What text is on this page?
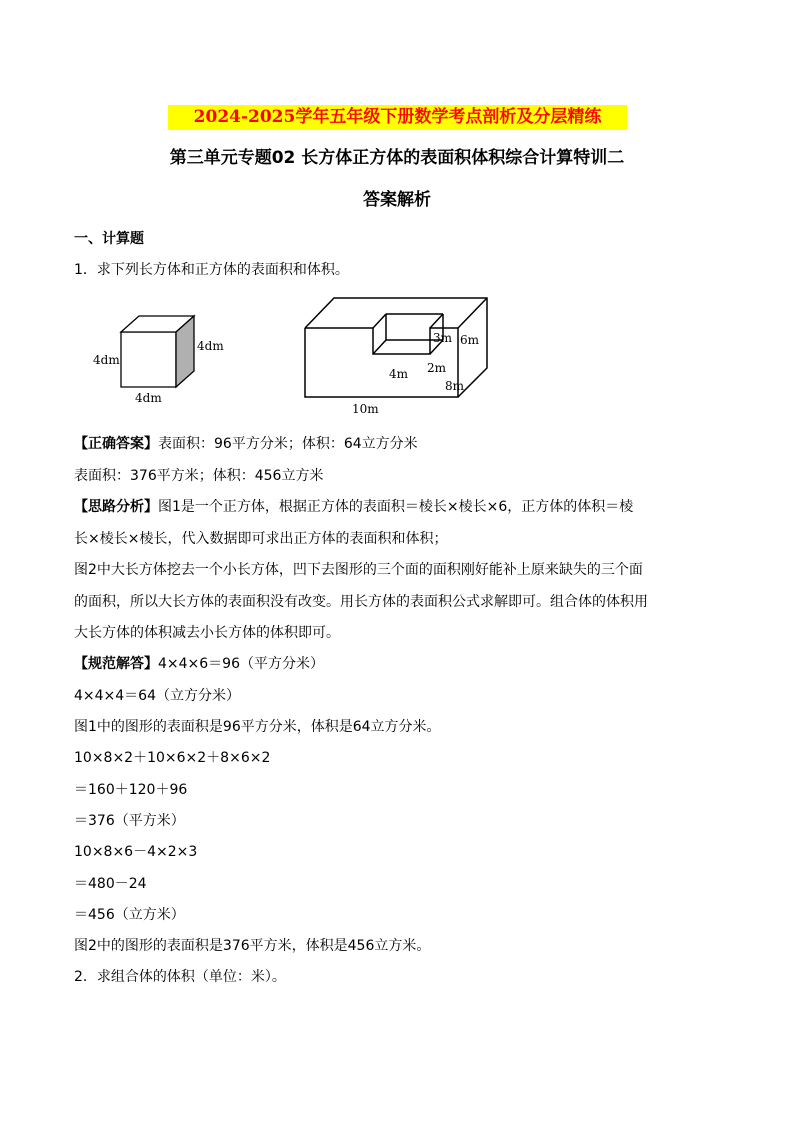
2024-2025学年五年级下册数学考点剖析及分层精练
第三单元专题02 长方体正方体的表面积体积综合计算特训二
答案解析
一、计算题
1．求下列长方体和正方体的表面积和体积。
4dm
4dm
4dm
3m 6m
4m 2m
8m
10m
【正确答案】表面积：96平方分米；体积：64立方分米
表面积：376平方米；体积：456立方米
【思路分析】图1是一个正方体，根据正方体的表面积＝棱长×棱长×6，正方体的体积＝棱
长×棱长×棱长，代入数据即可求出正方体的表面积和体积；
图2中大长方体挖去一个小长方体，凹下去图形的三个面的面积刚好能补上原来缺失的三个面
的面积，所以大长方体的表面积没有改变。用长方体的表面积公式求解即可。组合体的体积用
大长方体的体积减去小长方体的体积即可。
【规范解答】4×4×6＝96（平方分米）
4×4×4＝64（立方分米）
图1中的图形的表面积是96平方分米，体积是64立方分米。
10×8×2＋10×6×2＋8×6×2
＝160＋120＋96
＝376（平方米）
10×8×6－4×2×3
＝480－24
＝456（立方米）
图2中的图形的表面积是376平方米，体积是456立方米。
2．求组合体的体积（单位：米）。
